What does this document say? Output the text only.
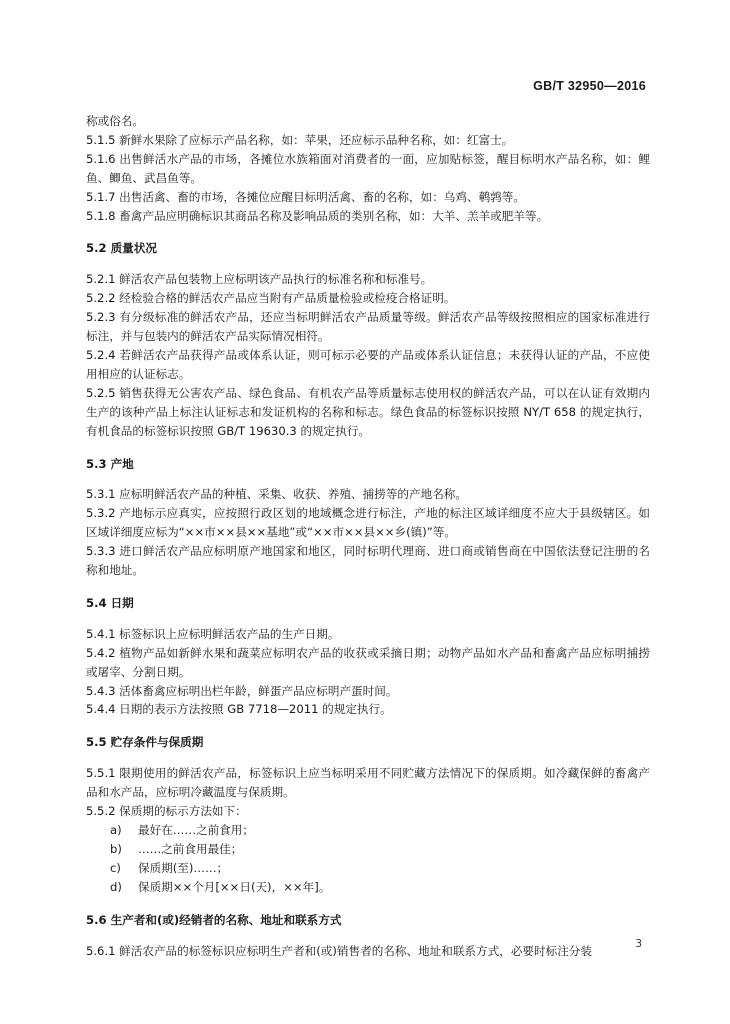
GB/T 32950—2016

称或俗名。

5.1.5 新鲜水果除了应标示产品名称，如：苹果，还应标示品种名称，如：红富士。

5.1.6 出售鲜活水产品的市场，各摊位水族箱面对消费者的一面，应加贴标签，醒目标明水产品名称，如：鲤鱼、鲫鱼、武昌鱼等。

5.1.7 出售活禽、畜的市场，各摊位应醒目标明活禽、畜的名称，如：乌鸡、鹌鹑等。

5.1.8 畜禽产品应明确标识其商品名称及影响品质的类别名称，如：大羊、羔羊或肥羊等。

5.2 质量状况

5.2.1 鲜活农产品包装物上应标明该产品执行的标准名称和标准号。

5.2.2 经检验合格的鲜活农产品应当附有产品质量检验或检疫合格证明。

5.2.3 有分级标准的鲜活农产品，还应当标明鲜活农产品质量等级。鲜活农产品等级按照相应的国家标准进行标注，并与包装内的鲜活农产品实际情况相符。

5.2.4 若鲜活农产品获得产品或体系认证，则可标示必要的产品或体系认证信息；未获得认证的产品，不应使用相应的认证标志。

5.2.5 销售获得无公害农产品、绿色食品、有机农产品等质量标志使用权的鲜活农产品，可以在认证有效期内生产的该种产品上标注认证标志和发证机构的名称和标志。绿色食品的标签标识按照 NY/T 658 的规定执行，有机食品的标签标识按照 GB/T 19630.3 的规定执行。

5.3 产地

5.3.1 应标明鲜活农产品的种植、采集、收获、养殖、捕捞等的产地名称。

5.3.2 产地标示应真实，应按照行政区划的地域概念进行标注，产地的标注区域详细度不应大于县级辖区。如区域详细度应标为“××市××县××基地”或“××市××县××乡(镇)”等。

5.3.3 进口鲜活农产品应标明原产地国家和地区，同时标明代理商、进口商或销售商在中国依法登记注册的名称和地址。

5.4 日期

5.4.1 标签标识上应标明鲜活农产品的生产日期。

5.4.2 植物产品如新鲜水果和蔬菜应标明农产品的收获或采摘日期；动物产品如水产品和畜禽产品应标明捕捞或屠宰、分割日期。

5.4.3 活体畜禽应标明出栏年龄，鲜蛋产品应标明产蛋时间。

5.4.4 日期的表示方法按照 GB 7718—2011 的规定执行。

5.5 贮存条件与保质期

5.5.1 限期使用的鲜活农产品，标签标识上应当标明采用不同贮藏方法情况下的保质期。如冷藏保鲜的畜禽产品和水产品，应标明冷藏温度与保质期。

5.5.2 保质期的标示方法如下：

a) 最好在……之前食用；
b) ……之前食用最佳；
c) 保质期(至)……；
d) 保质期××个月[××日(天)，××年]。

5.6 生产者和(或)经销者的名称、地址和联系方式

5.6.1 鲜活农产品的标签标识应标明生产者和(或)销售者的名称、地址和联系方式，必要时标注分装	3
